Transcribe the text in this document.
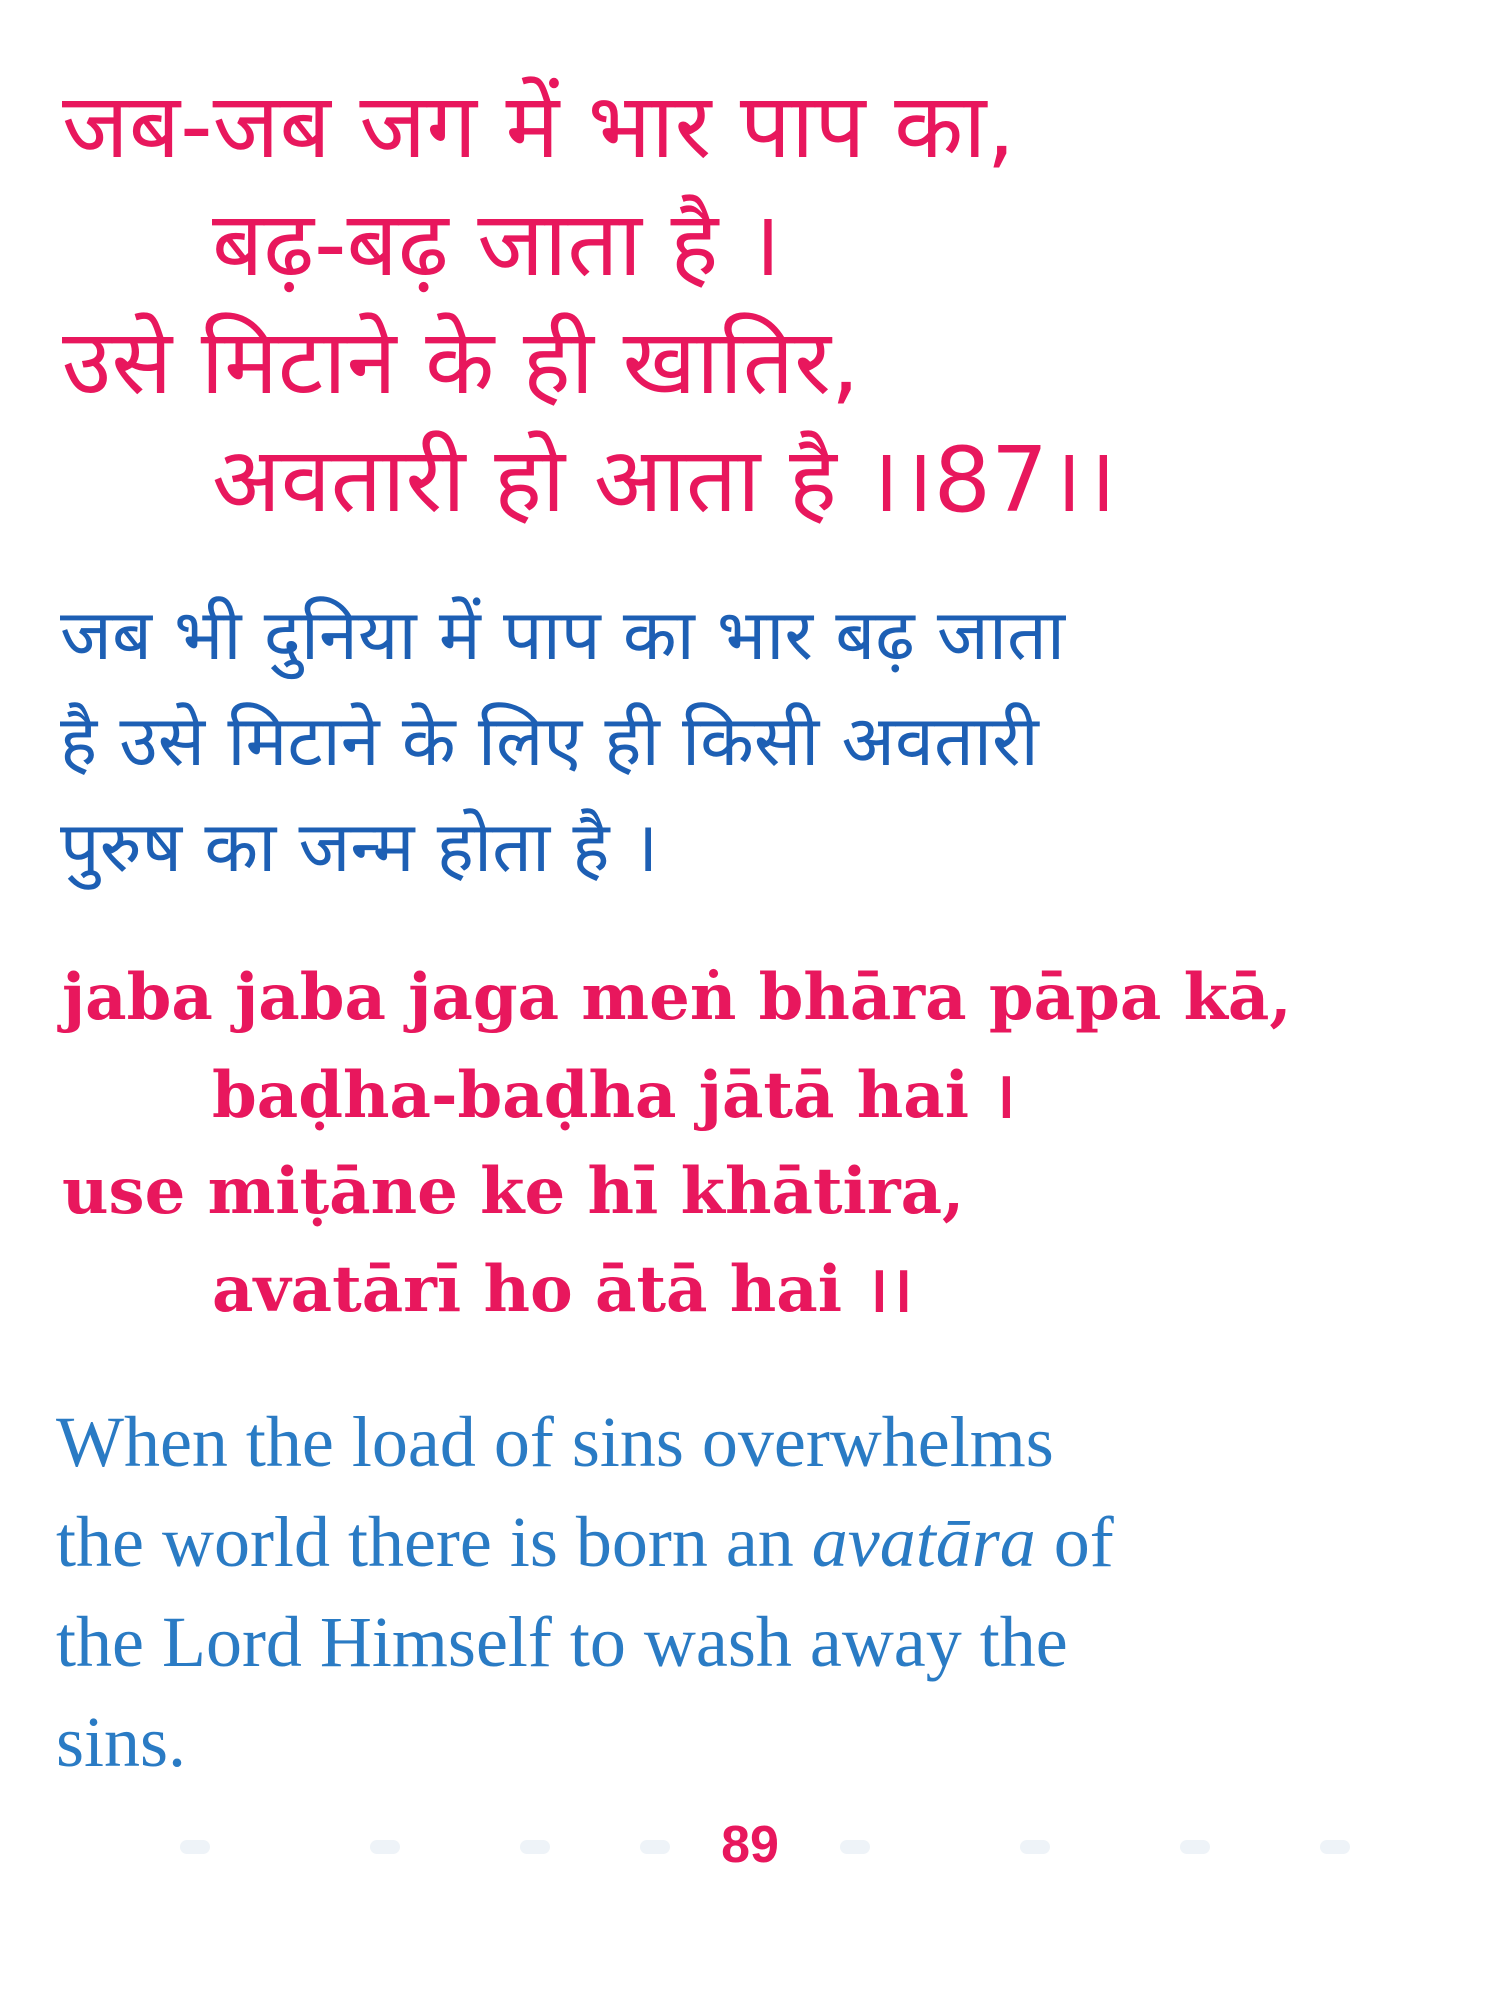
जब-जब जग में भार पाप का,
बढ़-बढ़ जाता है ।
उसे मिटाने के ही खातिर,
अवतारी हो आता है ।।87।।
जब भी दुनिया में पाप का भार बढ़ जाता
है उसे मिटाने के लिए ही किसी अवतारी
पुरुष का जन्म होता है ।
jaba jaba jaga meṅ bhāra pāpa kā,
baḍha-baḍha jātā hai ।
use miṭāne ke hī khātira,
avatārī ho ātā hai ।।
When the load of sins overwhelms
the world there is born an avatāra of
the Lord Himself to wash away the
sins.
89
